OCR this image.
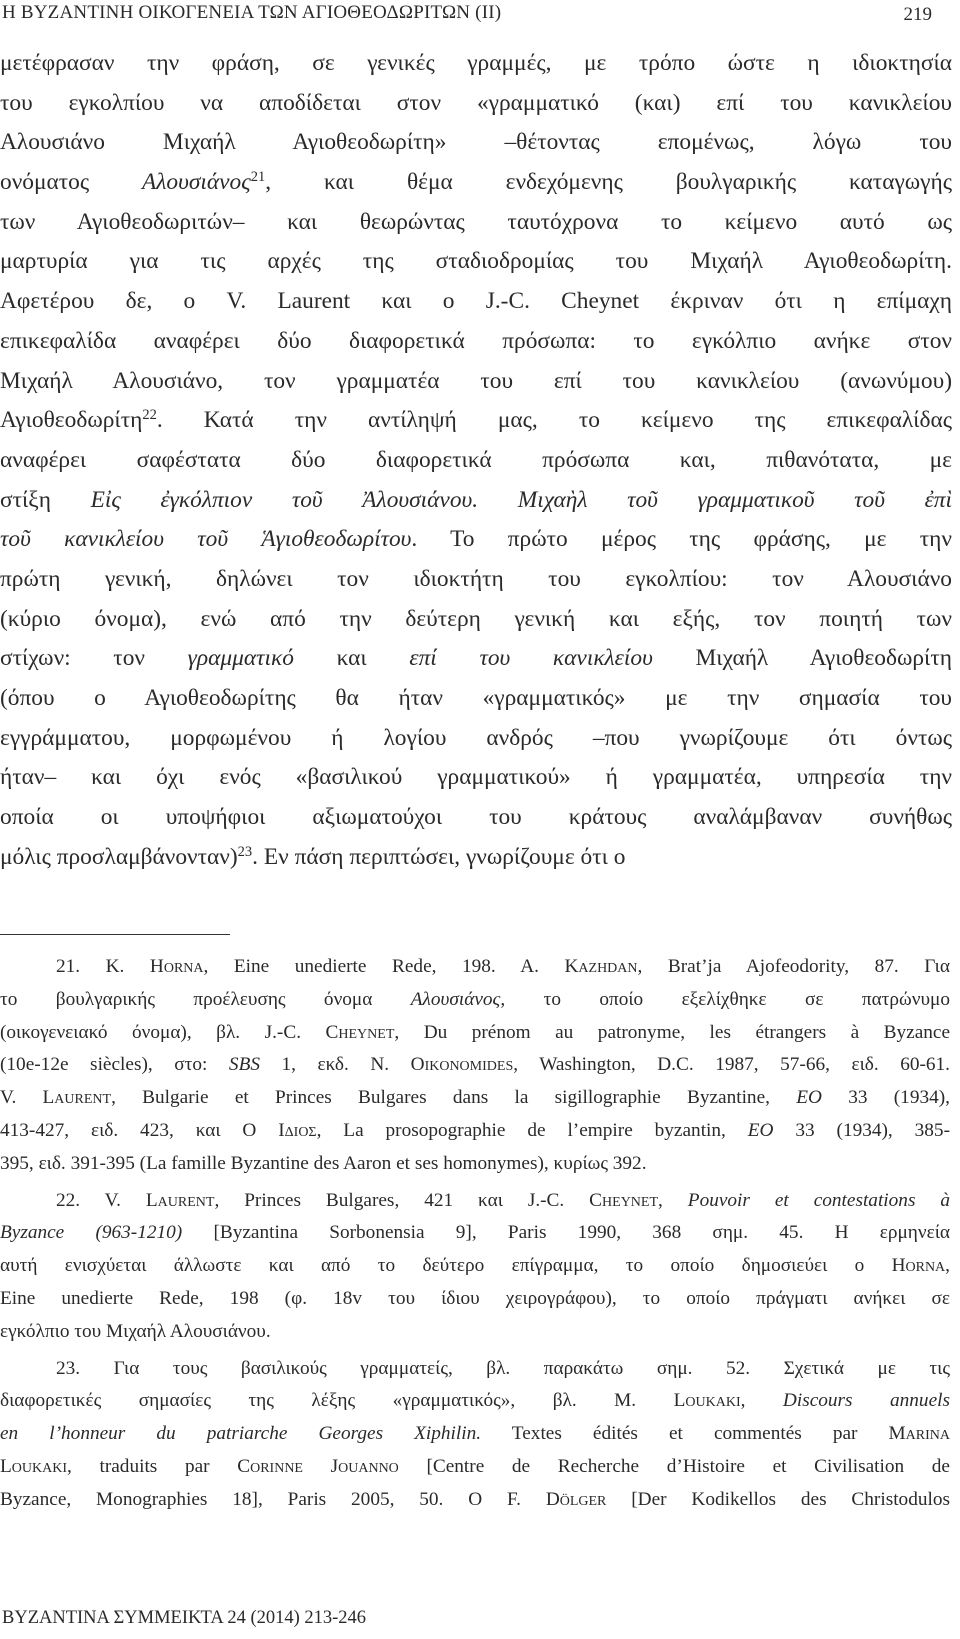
Η ΒΥΖΑΝΤΙΝΗ ΟΙΚΟΓΕΝΕΙΑ ΤΩΝ ΑΓΙΟΘΕΟΔΩΡΙΤΩΝ (ΙΙ)	219
μετέφρασαν την φράση, σε γενικές γραμμές, με τρόπο ώστε η ιδιοκτησία
του εγκολπίου να αποδίδεται στον «γραμματικό (και) επί του κανικλείου
Αλουσιάνο Μιχαήλ Αγιοθεοδωρίτη» –θέτοντας επομένως, λόγω του
ονόματος Αλουσιάνος$^{21}$, και θέμα ενδεχόμενης βουλγαρικής καταγωγής
των Αγιοθεοδωριτών– και θεωρώντας ταυτόχρονα το κείμενο αυτό ως
μαρτυρία για τις αρχές της σταδιοδρομίας του Μιχαήλ Αγιοθεοδωρίτη.
Αφετέρου δε, ο V. Laurent και ο J.-C. Cheynet έκριναν ότι η επίμαχη
επικεφαλίδα αναφέρει δύο διαφορετικά πρόσωπα: το εγκόλπιο ανήκε στον
Μιχαήλ Αλουσιάνο, τον γραμματέα του επί του κανικλείου (ανωνύμου)
Αγιοθεοδωρίτη$^{22}$. Κατά την αντίληψή μας, το κείμενο της επικεφαλίδας
αναφέρει σαφέστατα δύο διαφορετικά πρόσωπα και, πιθανότατα, με
στίξη Εἰς ἐγκόλπιον τοῦ Ἀλουσιάνου. Μιχαὴλ τοῦ γραμματικοῦ τοῦ ἐπὶ
τοῦ κανικλείου τοῦ Ἁγιοθεοδωρίτου. Το πρώτο μέρος της φράσης, με την
πρώτη γενική, δηλώνει τον ιδιοκτήτη του εγκολπίου: τον Αλουσιάνο
(κύριο όνομα), ενώ από την δεύτερη γενική και εξής, τον ποιητή των
στίχων: τον γραμματικό και επί του κανικλείου Μιχαήλ Αγιοθεοδωρίτη
(όπου ο Αγιοθεοδωρίτης θα ήταν «γραμματικός» με την σημασία του
εγγράμματου, μορφωμένου ή λογίου ανδρός –που γνωρίζουμε ότι όντως
ήταν– και όχι ενός «βασιλικού γραμματικού» ή γραμματέα, υπηρεσία την
οποία οι υποψήφιοι αξιωματούχοι του κράτους αναλάμβαναν συνήθως
μόλις προσλαμβάνονταν)$^{23}$. Εν πάση περιπτώσει, γνωρίζουμε ότι ο
21. K. Horna, Eine unedierte Rede, 198. A. Kazhdan, Brat’ja Ajofeodority, 87. Για
το βουλγαρικής προέλευσης όνομα Αλουσιάνος, το οποίο εξελίχθηκε σε πατρώνυμο
(οικογενειακό όνομα), βλ. J.-C. Cheynet, Du prénom au patronyme, les étrangers à Byzance
(10e-12e siècles), στο: SBS 1, εκδ. N. Oikonomides, Washington, D.C. 1987, 57-66, ειδ. 60-61.
V. Laurent, Bulgarie et Princes Bulgares dans la sigillographie Byzantine, EO 33 (1934),
413-427, ειδ. 423, και Ο Ιδιος, La prosopographie de l’empire byzantin, EO 33 (1934), 385-
395, ειδ. 391-395 (La famille Byzantine des Aaron et ses homonymes), κυρίως 392.
22. V. Laurent, Princes Bulgares, 421 και J.-C. Cheynet, Pouvoir et contestations à
Byzance (963-1210) [Byzantina Sorbonensia 9], Paris 1990, 368 σημ. 45. Η ερμηνεία
αυτή ενισχύεται άλλωστε και από το δεύτερο επίγραμμα, το οποίο δημοσιεύει ο Horna,
Eine unedierte Rede, 198 (φ. 18v του ίδιου χειρογράφου), το οποίο πράγματι ανήκει σε
εγκόλπιο του Μιχαήλ Αλουσιάνου.
23. Για τους βασιλικούς γραμματείς, βλ. παρακάτω σημ. 52. Σχετικά με τις
διαφορετικές σημασίες της λέξης «γραμματικός», βλ. M. Loukaki, Discours annuels
en l’honneur du patriarche Georges Xiphilin. Textes édités et commentés par Marina
Loukaki, traduits par Corinne Jouanno [Centre de Recherche d’Histoire et Civilisation de
Byzance, Monographies 18], Paris 2005, 50. Ο F. Dölger [Der Kodikellos des Christodulos
ΒΥΖΑΝΤΙΝΑ ΣΥΜΜΕΙΚΤΑ 24 (2014) 213-246
